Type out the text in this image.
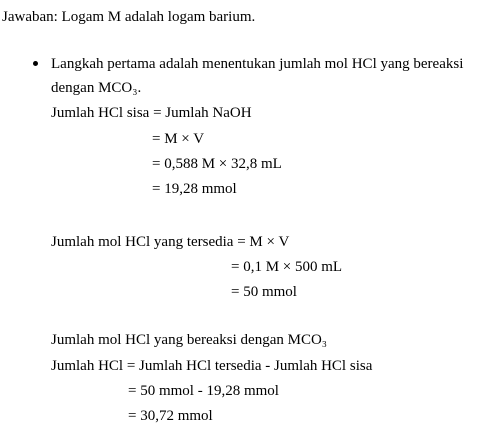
Jawaban: Logam M adalah logam barium.
Langkah pertama adalah menentukan jumlah mol HCl yang bereaksi
dengan MCO₃.
Jumlah HCl sisa = Jumlah NaOH
= M × V
= 0,588 M × 32,8 mL
= 19,28 mmol
Jumlah mol HCl yang tersedia = M × V
= 0,1 M × 500 mL
= 50 mmol
Jumlah mol HCl yang bereaksi dengan MCO₃
Jumlah HCl = Jumlah HCl tersedia - Jumlah HCl sisa
= 50 mmol - 19,28 mmol
= 30,72 mmol
